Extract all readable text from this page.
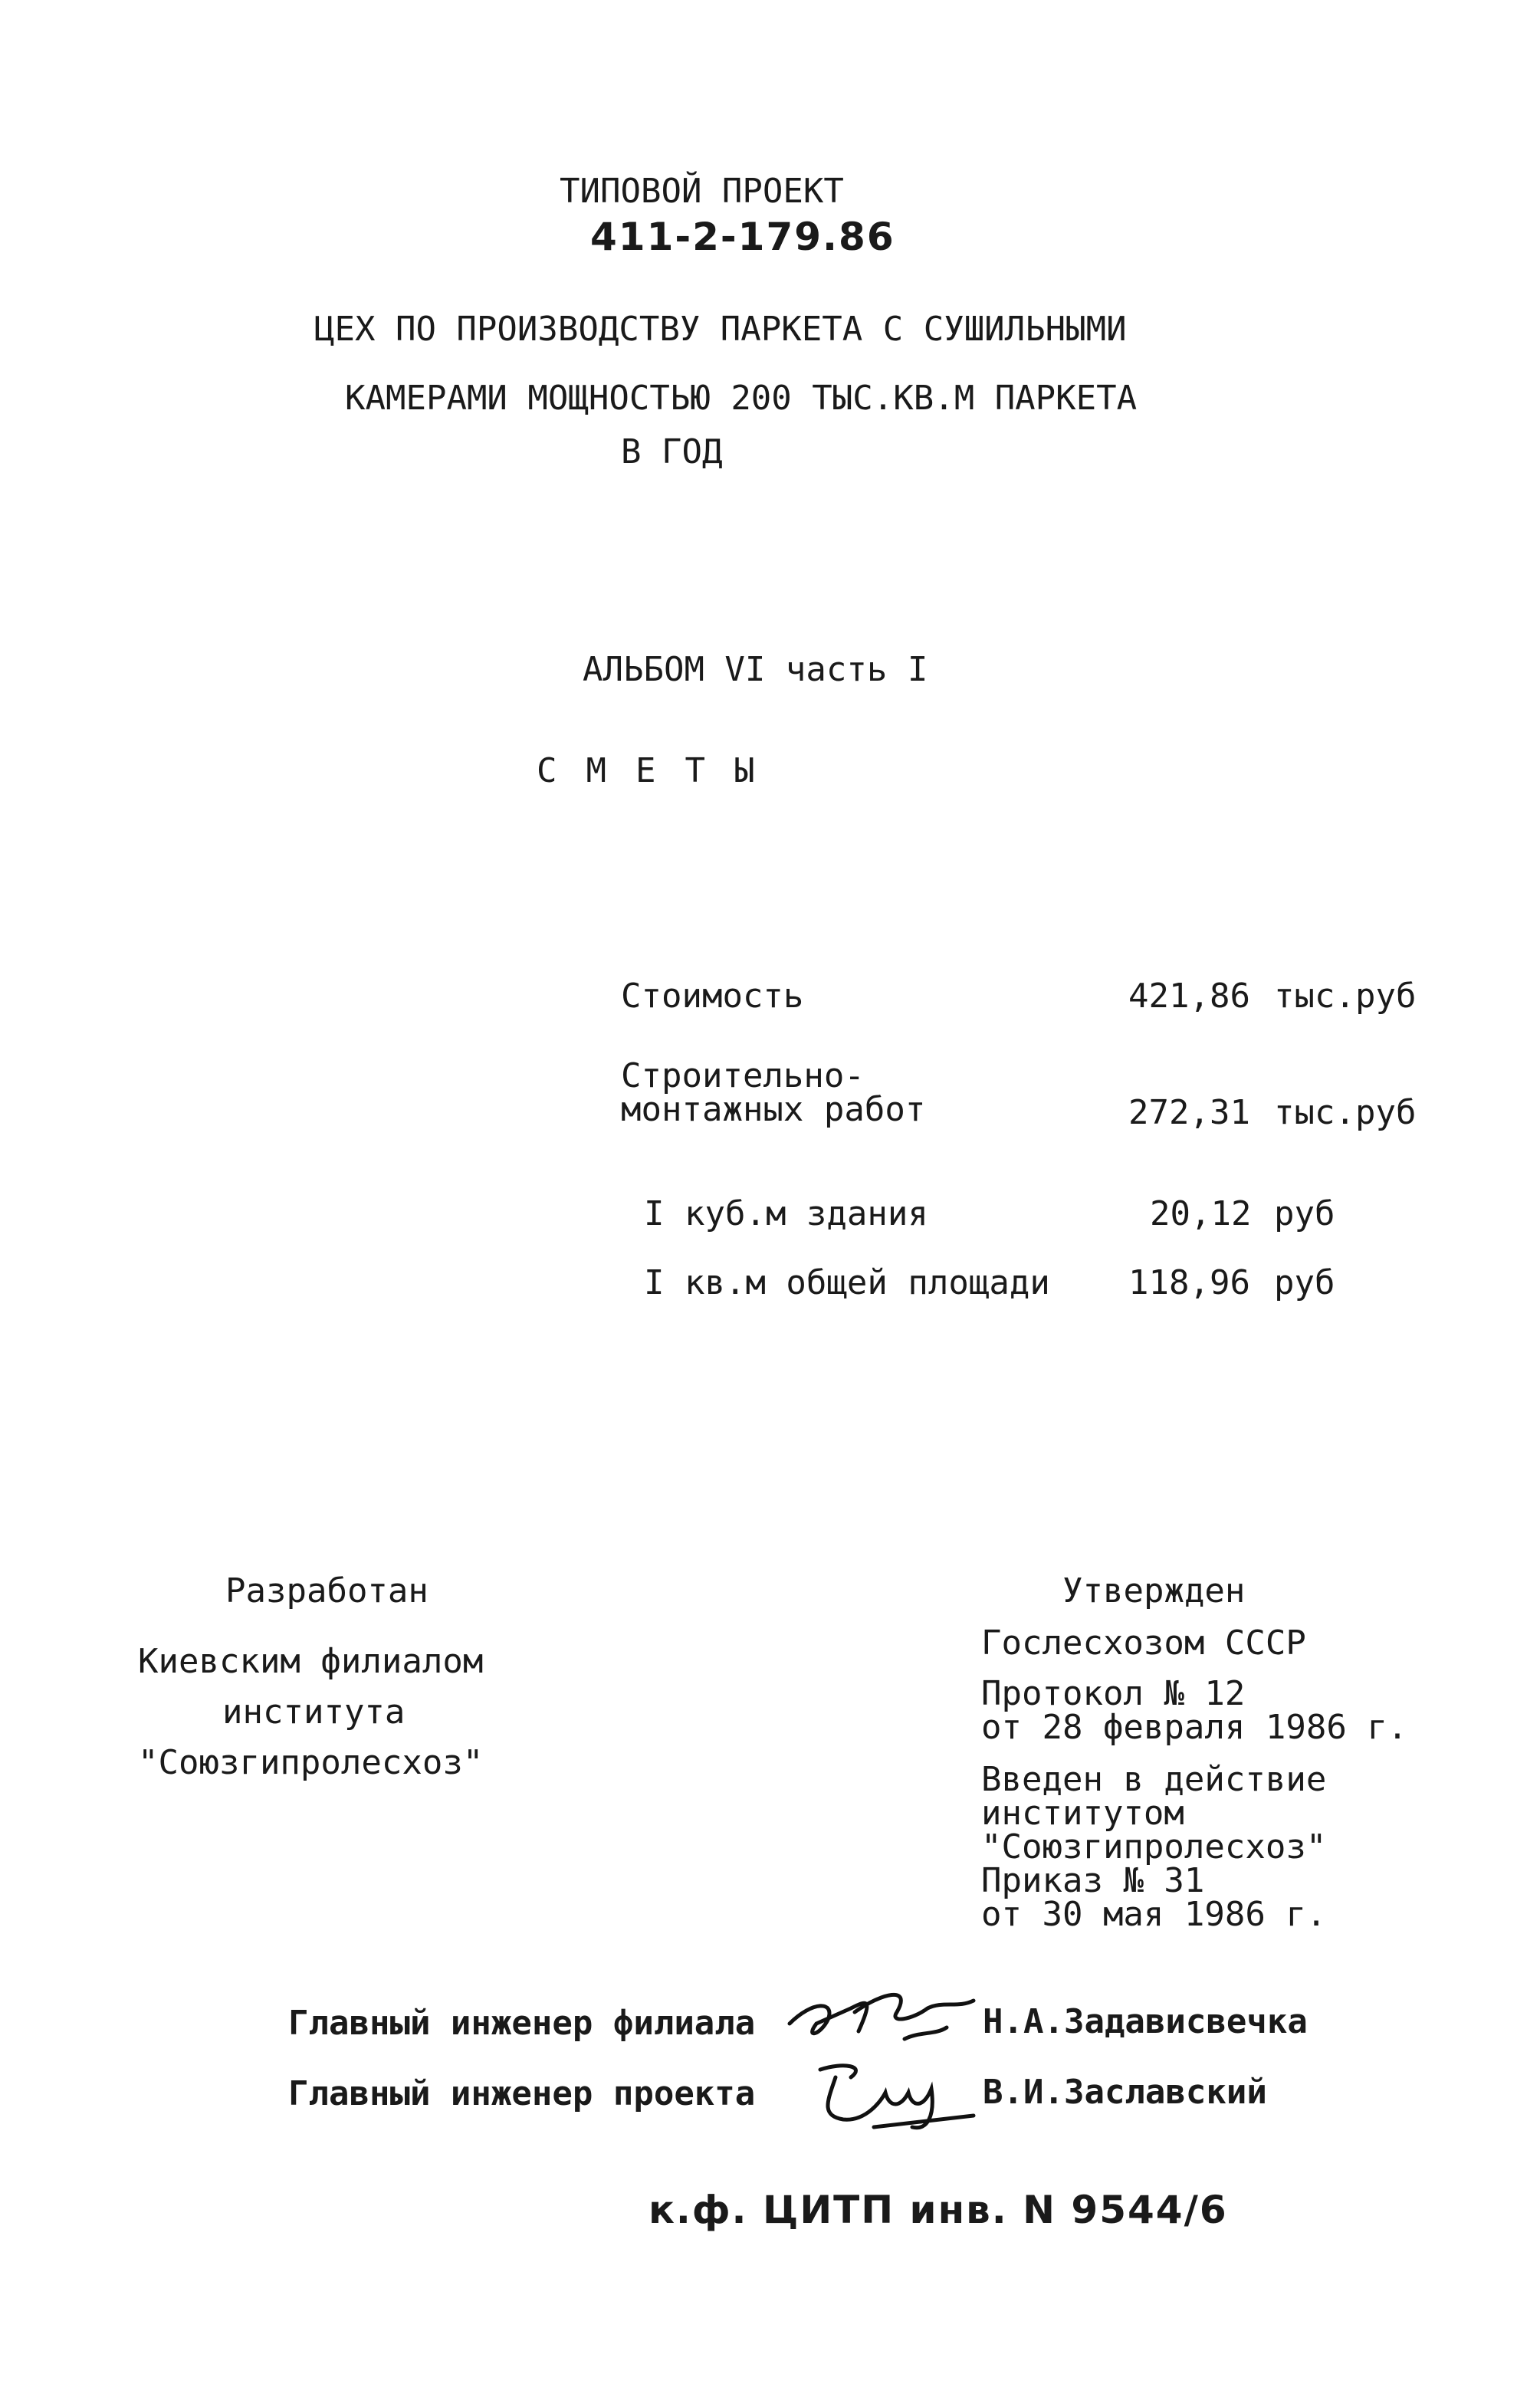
ТИПОВОЙ ПРОЕКТ
411-2-179.86
ЦЕХ ПО ПРОИЗВОДСТВУ ПАРКЕТА С СУШИЛЬНЫМИ
КАМЕРАМИ МОЩНОСТЬЮ 200 ТЫС.КВ.М ПАРКЕТА
В ГОД
АЛЬБОМ VI часть I
СМЕТЫ
Стоимость	421,86 тыс.руб
Строительно-
монтажных работ	272,31 тыс.руб
I куб.м здания	20,12 руб
I кв.м общей площади 118,96 руб
Разработан
Киевским филиалом
института
"Союзгипролесхоз"
Утвержден
Гослесхозом СССР
Протокол № 12
от 28 февраля 1986 г.
Введен в действие
институтом
"Союзгипролесхоз"
Приказ № 31
от 30 мая 1986 г.
Главный инженер филиала	Н.А.Задависвечка
Главный инженер проекта	В.И.Заславский
к.ф. ЦИТП инв. N 9544/6
